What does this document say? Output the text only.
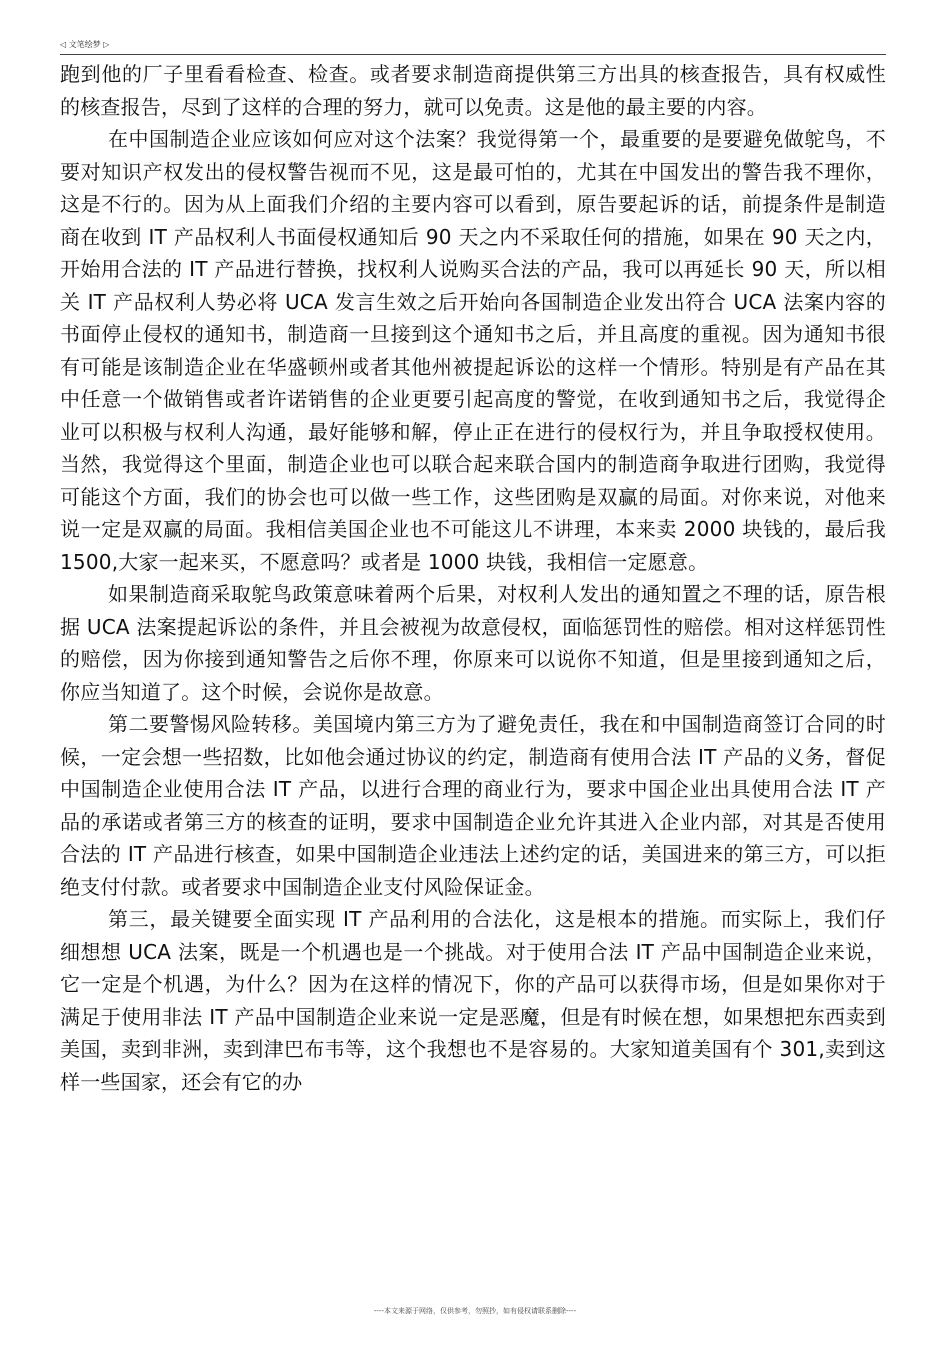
◁ 文笔绘梦 ▷

跑到他的厂子里看看检查、检查。或者要求制造商提供第三方出具的核查报告，具有权威性的核查报告，尽到了这样的合理的努力，就可以免责。这是他的最主要的内容。

在中国制造企业应该如何应对这个法案？我觉得第一个，最重要的是要避免做鸵鸟，不要对知识产权发出的侵权警告视而不见，这是最可怕的，尤其在中国发出的警告我不理你，这是不行的。因为从上面我们介绍的主要内容可以看到，原告要起诉的话，前提条件是制造商在收到 IT 产品权利人书面侵权通知后 90 天之内不采取任何的措施，如果在 90 天之内，开始用合法的 IT 产品进行替换，找权利人说购买合法的产品，我可以再延长 90 天，所以相关 IT 产品权利人势必将 UCA 发言生效之后开始向各国制造企业发出符合 UCA 法案内容的书面停止侵权的通知书，制造商一旦接到这个通知书之后，并且高度的重视。因为通知书很有可能是该制造企业在华盛顿州或者其他州被提起诉讼的这样一个情形。特别是有产品在其中任意一个做销售或者许诺销售的企业更要引起高度的警觉，在收到通知书之后，我觉得企业可以积极与权利人沟通，最好能够和解，停止正在进行的侵权行为，并且争取授权使用。当然，我觉得这个里面，制造企业也可以联合起来联合国内的制造商争取进行团购，我觉得可能这个方面，我们的协会也可以做一些工作，这些团购是双赢的局面。对你来说，对他来说一定是双赢的局面。我相信美国企业也不可能这儿不讲理，本来卖 2000 块钱的，最后我 1500,大家一起来买，不愿意吗？或者是 1000 块钱，我相信一定愿意。

如果制造商采取鸵鸟政策意味着两个后果，对权利人发出的通知置之不理的话，原告根据 UCA 法案提起诉讼的条件，并且会被视为故意侵权，面临惩罚性的赔偿。相对这样惩罚性的赔偿，因为你接到通知警告之后你不理，你原来可以说你不知道，但是里接到通知之后，你应当知道了。这个时候，会说你是故意。

第二要警惕风险转移。美国境内第三方为了避免责任，我在和中国制造商签订合同的时候，一定会想一些招数，比如他会通过协议的约定，制造商有使用合法 IT 产品的义务，督促中国制造企业使用合法 IT 产品，以进行合理的商业行为，要求中国企业出具使用合法 IT 产品的承诺或者第三方的核查的证明，要求中国制造企业允许其进入企业内部，对其是否使用合法的 IT 产品进行核查，如果中国制造企业违法上述约定的话，美国进来的第三方，可以拒绝支付付款。或者要求中国制造企业支付风险保证金。

第三，最关键要全面实现 IT 产品利用的合法化，这是根本的措施。而实际上，我们仔细想想 UCA 法案，既是一个机遇也是一个挑战。对于使用合法 IT 产品中国制造企业来说，它一定是个机遇，为什么？因为在这样的情况下，你的产品可以获得市场，但是如果你对于满足于使用非法 IT 产品中国制造企业来说一定是恶魔，但是有时候在想，如果想把东西卖到美国，卖到非洲，卖到津巴布韦等，这个我想也不是容易的。大家知道美国有个 301,卖到这样一些国家，还会有它的办

----本文来源于网络，仅供参考，勿照抄，如有侵权请联系删除----
